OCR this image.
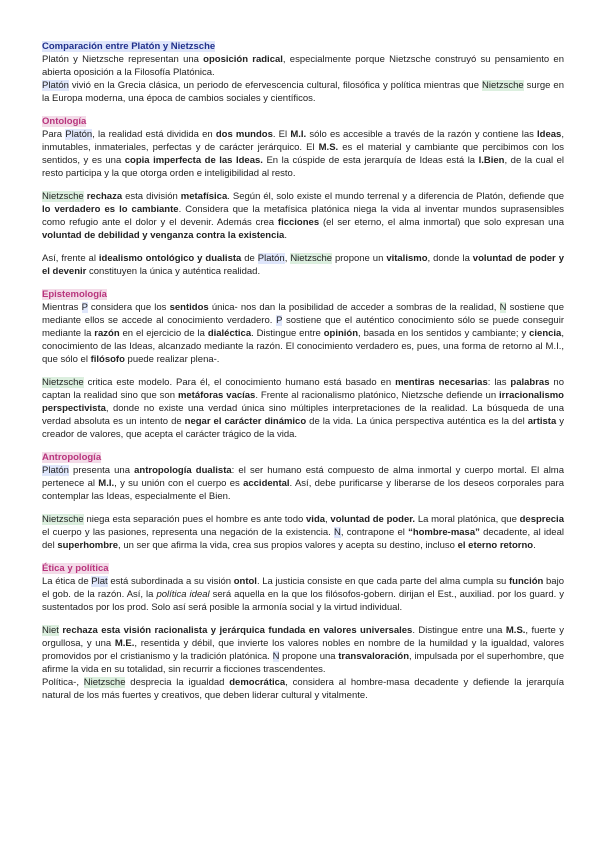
Comparación entre Platón y Nietzsche

Platón y Nietzsche representan una oposición radical, especialmente porque Nietzsche construyó su pensamiento en abierta oposición a la Filosofía Platónica.

Platón vivió en la Grecia clásica, un periodo de efervescencia cultural, filosófica y política mientras que Nietzsche surge en la Europa moderna, una época de cambios sociales y científicos.

Ontología

Para Platón, la realidad está dividida en dos mundos. El M.I. sólo es accesible a través de la razón y contiene las Ideas, inmutables, inmateriales, perfectas y de carácter jerárquico. El M.S. es el material y cambiante que percibimos con los sentidos, y es una copia imperfecta de las Ideas. En la cúspide de esta jerarquía de Ideas está la I.Bien, de la cual el resto participa y la que otorga orden e inteligibilidad al resto.

Nietzsche rechaza esta división metafísica. Según él, solo existe el mundo terrenal y a diferencia de Platón, defiende que lo verdadero es lo cambiante. Considera que la metafísica platónica niega la vida al inventar mundos suprasensibles como refugio ante el dolor y el devenir. Además crea ficciones (el ser eterno, el alma inmortal) que solo expresan una voluntad de debilidad y venganza contra la existencia.

Así, frente al idealismo ontológico y dualista de Platón, Nietzsche propone un vitalismo, donde la voluntad de poder y el devenir constituyen la única y auténtica realidad.

Epistemología

Mientras P considera que los sentidos única- nos dan la posibilidad de acceder a sombras de la realidad, N sostiene que mediante ellos se accede al conocimiento verdadero. P sostiene que el auténtico conocimiento sólo se puede conseguir mediante la razón en el ejercicio de la dialéctica. Distingue entre opinión, basada en los sentidos y cambiante; y ciencia, conocimiento de las Ideas, alcanzado mediante la razón. El conocimiento verdadero es, pues, una forma de retorno al M.I., que sólo el filósofo puede realizar plena-.

Nietzsche critica este modelo. Para él, el conocimiento humano está basado en mentiras necesarias: las palabras no captan la realidad sino que son metáforas vacías. Frente al racionalismo platónico, Nietzsche defiende un irracionalismo perspectivista, donde no existe una verdad única sino múltiples interpretaciones de la realidad. La búsqueda de una verdad absoluta es un intento de negar el carácter dinámico de la vida. La única perspectiva auténtica es la del artista y creador de valores, que acepta el carácter trágico de la vida.

Antropología

Platón presenta una antropología dualista: el ser humano está compuesto de alma inmortal y cuerpo mortal. El alma pertenece al M.I., y su unión con el cuerpo es accidental. Así, debe purificarse y liberarse de los deseos corporales para contemplar las Ideas, especialmente el Bien.

Nietzsche niega esta separación pues el hombre es ante todo vida, voluntad de poder. La moral platónica, que desprecia el cuerpo y las pasiones, representa una negación de la existencia. N, contrapone el “hombre-masa” decadente, al ideal del superhombre, un ser que afirma la vida, crea sus propios valores y acepta su destino, incluso el eterno retorno.

Ética y política

La ética de Plat está subordinada a su visión ontol. La justicia consiste en que cada parte del alma cumpla su función bajo el gob. de la razón. Así, la política ideal será aquella en la que los filósofos-gobern. dirijan el Est., auxiliad. por los guard. y sustentados por los prod. Solo así será posible la armonía social y la virtud individual.

Niet rechaza esta visión racionalista y jerárquica fundada en valores universales. Distingue entre una M.S., fuerte y orgullosa, y una M.E., resentida y débil, que invierte los valores nobles en nombre de la humildad y la igualdad, valores promovidos por el cristianismo y la tradición platónica. N propone una transvaloración, impulsada por el superhombre, que afirme la vida en su totalidad, sin recurrir a ficciones trascendentes.

Política-, Nietzsche desprecia la igualdad democrática, considera al hombre-masa decadente y defiende la jerarquía natural de los más fuertes y creativos, que deben liderar cultural y vitalmente.
